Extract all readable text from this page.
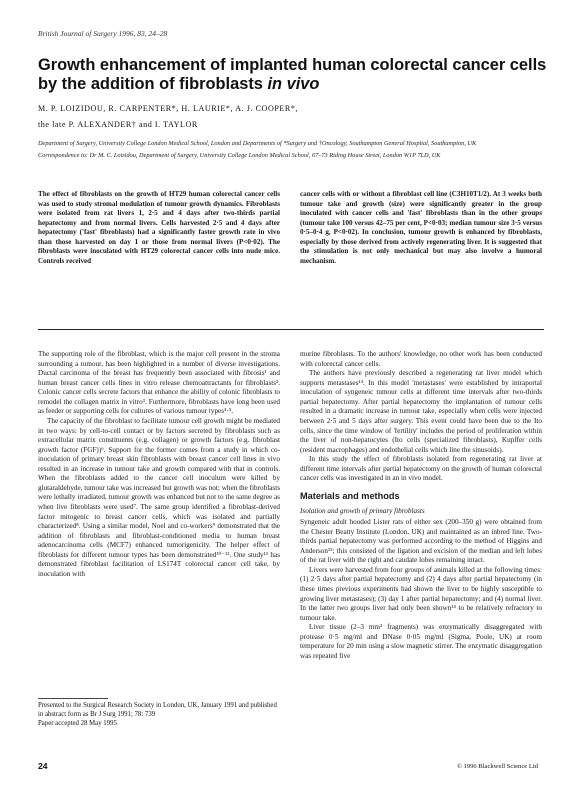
British Journal of Surgery 1996, 83, 24–28
Growth enhancement of implanted human colorectal cancer cells by the addition of fibroblasts in vivo
M. P. LOIZIDOU, R. CARPENTER*, H. LAURIE*, A. J. COOPER*,
the late P. ALEXANDER† and I. TAYLOR
Department of Surgery, University College London Medical School, London and Departments of *Surgery and †Oncology, Southampton General Hospital, Southampton, UK
Correspondence to: Dr M. C. Loizidou, Department of Surgery, University College London Medical School, 67–73 Riding House Street, London W1P 7LD, UK
The effect of fibroblasts on the growth of HT29 human colorectal cancer cells was used to study stromal modulation of tumour growth dynamics. Fibroblasts were isolated from rat livers 1, 2·5 and 4 days after two-thirds partial hepatectomy and from normal livers. Cells harvested 2·5 and 4 days after hepatectomy ('fast' fibroblasts) had a significantly faster growth rate in vivo than those harvested on day 1 or those from normal livers (P<0·02). The fibroblasts were inoculated with HT29 colorectal cancer cells into nude mice. Controls received
cancer cells with or without a fibroblast cell line (C3H10T1/2). At 3 weeks both tumour take and growth (size) were significantly greater in the group inoculated with cancer cells and 'fast' fibroblasts than in the other groups (tumour take 100 versus 42–75 per cent, P<0·03; median tumour size 3·5 versus 0·5–0·4 g, P<0·02). In conclusion, tumour growth is enhanced by fibroblasts, especially by those derived from actively regenerating liver. It is suggested that the stimulation is not only mechanical but may also involve a humoral mechanism.

The supporting role of the fibroblast, which is the major cell present in the stroma surrounding a tumour, has been highlighted in a number of diverse investigations. Ductal carcinoma of the breast has frequently been associated with fibrosis¹ and human breast cancer cells lines in vitro release chemoattractants for fibroblasts². Colonic cancer cells secrete factors that enhance the ability of colonic fibroblasts to remodel the collagen matrix in vitro³. Furthermore, fibroblasts have long been used as feeder or supporting cells for cultures of various tumour types⁴·⁵.

The capacity of the fibroblast to facilitate tumour cell growth might be mediated in two ways: by cell-to-cell contact or by factors secreted by fibroblasts such as extracellular matrix constituents (e.g. collagen) or growth factors (e.g. fibroblast growth factor (FGF))⁶. Support for the former comes from a study in which co-inoculation of primary breast skin fibroblasts with breast cancer cell lines in vivo resulted in an increase in tumour take and growth compared with that in controls. When the fibroblasts added to the cancer cell inoculum were killed by glutaraldehyde, tumour take was increased but growth was not; when the fibroblasts were lethally irradiated, tumour growth was enhanced but not to the same degree as when live fibroblasts were used⁷. The same group identified a fibroblast-derived factor mitogenic to breast cancer cells, which was isolated and partially characterized⁸. Using a similar model, Noel and co-workers⁹ demonstrated that the addition of fibroblasts and fibroblast-conditioned media to human breast adenocarcinoma cells (MCF7) enhanced tumorigenicity. The helper effect of fibroblasts for different tumour types has been demonstrated¹⁰⁻¹². One study¹³ has demonstrated fibroblast facilitation of LS174T colorectal cancer cell take, by inoculation with

Presented to the Surgical Research Society in London, UK, January 1991 and published in abstract form as Br J Surg 1991; 78: 739
Paper accepted 28 May 1995

murine fibroblasts. To the authors' knowledge, no other work has been conducted with colorectal cancer cells.

The authors have previously described a regenerating rat liver model which supports metastases¹⁴. In this model 'metastases' were established by intraportal inoculation of syngeneic tumour cells at different time intervals after two-thirds partial hepatectomy. After partial hepatectomy the implantation of tumour cells resulted in a dramatic increase in tumour take, especially when cells were injected between 2·5 and 5 days after surgery. This event could have been due to the Ito cells, since the time window of 'fertility' includes the period of proliferation within the liver of non-hepatocytes (Ito cells (specialized fibroblasts), Kupffer cells (resident macrophages) and endothelial cells which line the sinusoids).

In this study the effect of fibroblasts isolated from regenerating rat liver at different time intervals after partial hepatectomy on the growth of human colorectal cancer cells was investigated in an in vivo model.

Materials and methods
Isolation and growth of primary fibroblasts

Syngeneic adult hooded Lister rats of either sex (200–350 g) were obtained from the Chester Beatty Institute (London, UK) and maintained as an inbred line. Two-thirds partial hepatectomy was performed according to the method of Higgins and Anderson¹⁵; this consisted of the ligation and excision of the median and left lobes of the rat liver with the right and caudate lobes remaining intact.

Livers were harvested from four groups of animals killed at the following times: (1) 2·5 days after partial hepatectomy and (2) 4 days after partial hepatectomy (in these times previous experiments had shown the liver to be highly susceptible to growing liver metastases); (3) day 1 after partial hepatectomy; and (4) normal liver. In the latter two groups liver had only been shown¹⁴ to be relatively refractory to tumour take.

Liver tissue (2–3 mm³ fragments) was enzymatically disaggregated with protease 0·5 mg/ml and DNase 0·05 mg/ml (Sigma, Poole, UK) at room temperature for 20 min using a slow magnetic stirrer. The enzymatic disaggregation was repeated five

24	© 1996 Blackwell Science Ltd
